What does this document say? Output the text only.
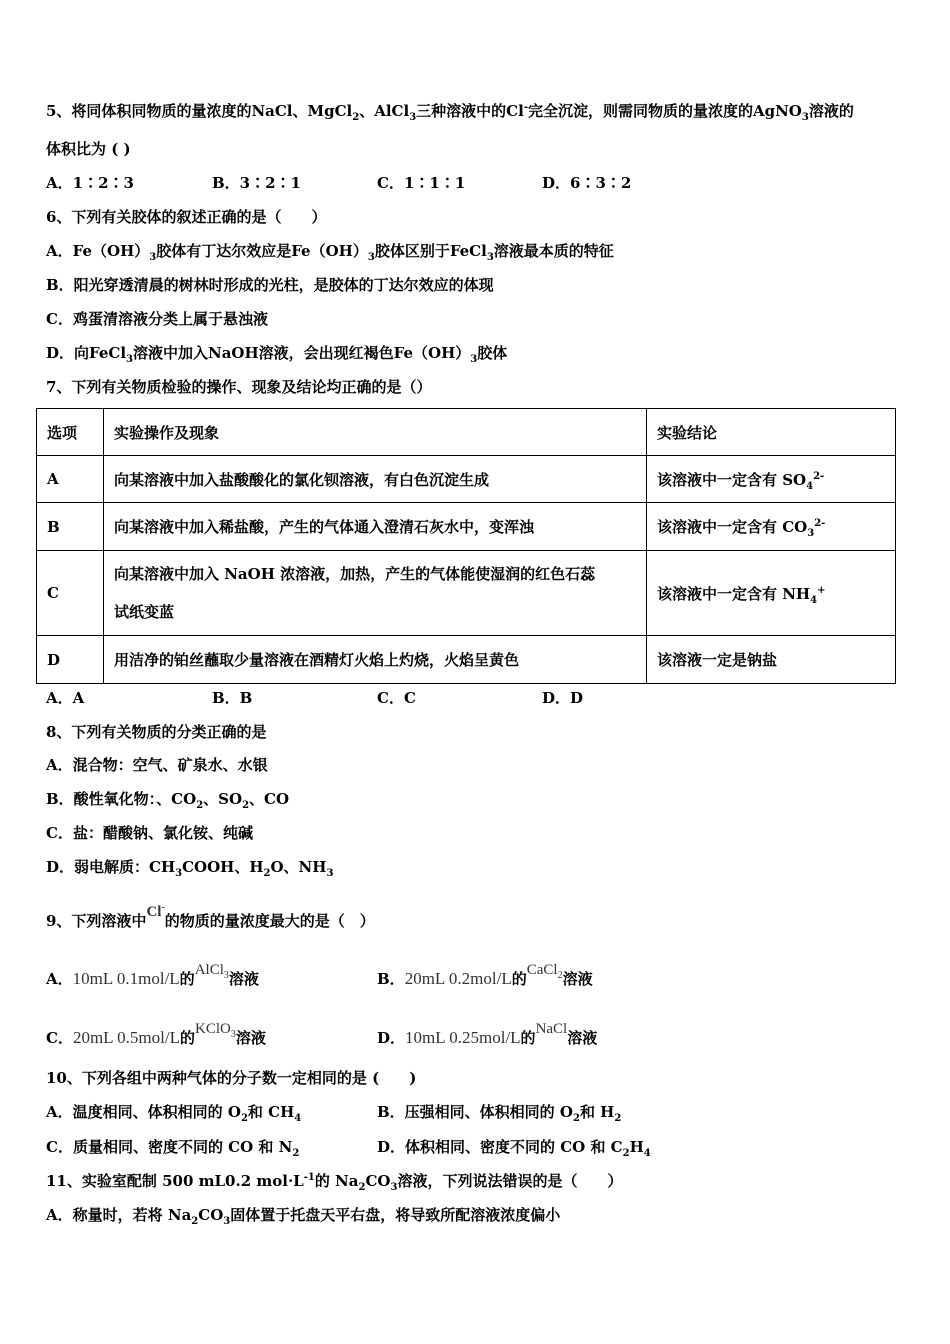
5、将同体积同物质的量浓度的NaCl、MgCl$_2$、AlCl$_3$三种溶液中的Cl-完全沉淀，则需同物质的量浓度的AgNO$_3$溶液的
体积比为 ( )
A．1∶2∶3	B．3∶2∶1	C．1∶1∶1	D．6∶3∶2
6、下列有关胶体的叙述正确的是（　　）
A．$Fe(OH)_3$胶体有丁达尔效应是$Fe(OH)_3$胶体区别于FeCl$_3$溶液最本质的特征
B．阳光穿透清晨的树林时形成的光柱，是胶体的丁达尔效应的体现
C．鸡蛋清溶液分类上属于悬浊液
D．向FeCl$_3$溶液中加入NaOH溶液，会出现红褐色$Fe(OH)_3$胶体
7、下列有关物质检验的操作、现象及结论均正确的是（）
选项	实验操作及现象	实验结论
A	向某溶液中加入盐酸酸化的氯化钡溶液，有白色沉淀生成	该溶液中一定含有 $SO_4^{2-}$
B	向某溶液中加入稀盐酸，产生的气体通入澄清石灰水中，变浑浊	该溶液中一定含有 $CO_3^{2-}$
C	向某溶液中加入 NaOH 浓溶液，加热，产生的气体能使湿润的红色石蕊
试纸变蓝	该溶液中一定含有 $NH_4^+$
D	用洁净的铂丝蘸取少量溶液在酒精灯火焰上灼烧，火焰呈黄色	该溶液一定是钠盐
A．A	B．B	C．C	D．D
8、下列有关物质的分类正确的是
A．混合物：空气、矿泉水、水银
B．酸性氧化物：、$CO_2$、$SO_2$、CO
C．盐：醋酸钠、氯化铵、纯碱
D．弱电解质：$CH_3COOH$、$H_2O$、$NH_3$
9、下列溶液中Cl-的物质的量浓度最大的是（　）
A．10mL 0.1mol/L的AlCl$_3$溶液	B．20mL 0.2mol/L的CaCl$_2$溶液
C．20mL 0.5mol/L的KClO$_3$溶液	D．10mL 0.25mol/L的NaCl溶液
10、下列各组中两种气体的分子数一定相同的是 (　　)
A．温度相同、体积相同的 $O_2$和 $CH_4$	B．压强相同、体积相同的 $O_2$和 $H_2$
C．质量相同、密度不同的 CO 和 $N_2$	D．体积相同、密度不同的 CO 和 $C_2H_4$
11、实验室配制 500 mL0.2 $mol\cdot L^{-1}$的 $Na_2CO_3$溶液，下列说法错误的是（　　）
A．称量时，若将 $Na_2CO_3$固体置于托盘天平右盘，将导致所配溶液浓度偏小
